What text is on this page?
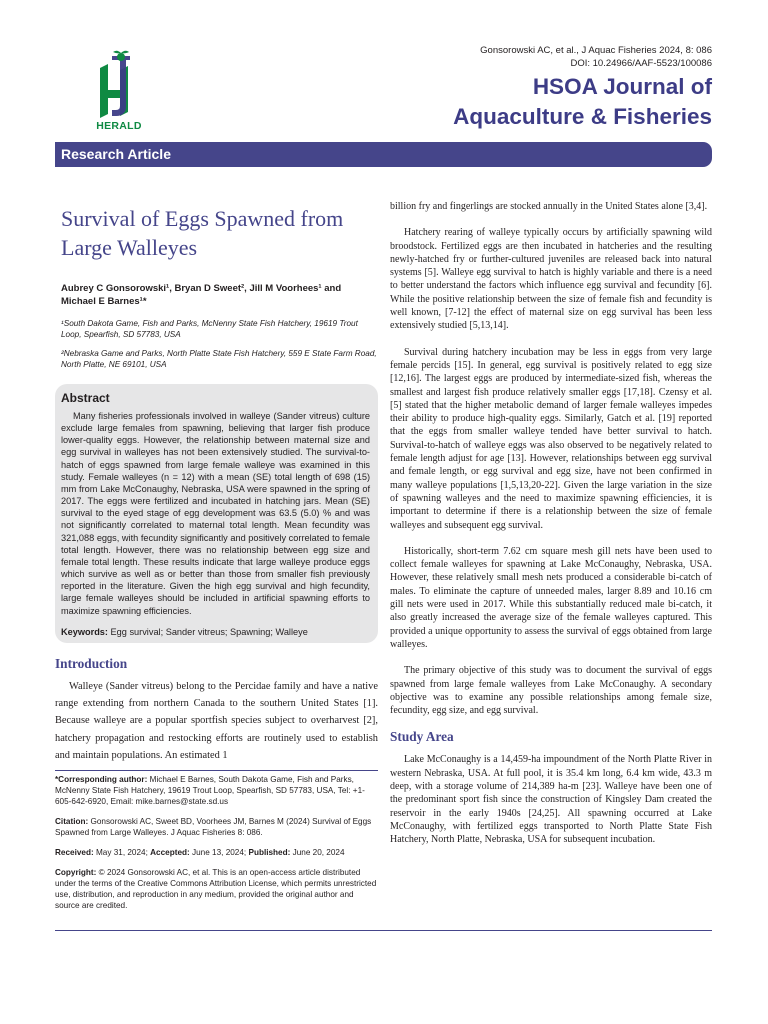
HERALD
Gonsorowski AC, et al., J Aquac Fisheries 2024, 8: 086
DOI: 10.24966/AAF-5523/100086
HSOA Journal of
Aquaculture & Fisheries
Research Article
Survival of Eggs Spawned from Large Walleyes
Aubrey C Gonsorowski¹, Bryan D Sweet², Jill M Voorhees¹ and Michael E Barnes¹*
¹South Dakota Game, Fish and Parks, McNenny State Fish Hatchery, 19619 Trout Loop, Spearfish, SD 57783, USA
²Nebraska Game and Parks, North Platte State Fish Hatchery, 559 E State Farm Road, North Platte, NE 69101, USA
Abstract

Many fisheries professionals involved in walleye (Sander vitreus) culture exclude large females from spawning, believing that larger fish produce lower-quality eggs. However, the relationship between maternal size and egg survival in walleyes has not been extensively studied. The survival-to-hatch of eggs spawned from large female walleye was examined in this study. Female walleyes (n = 12) with a mean (SE) total length of 698 (15) mm from Lake McConaughy, Nebraska, USA were spawned in the spring of 2017. The eggs were fertilized and incubated in hatching jars. Mean (SE) survival to the eyed stage of egg development was 63.5 (5.0) % and was not significantly correlated to maternal total length. Mean fecundity was 321,088 eggs, with fecundity significantly and positively correlated to female total length. However, there was no relationship between egg size and female total length. These results indicate that large walleye produce eggs which survive as well as or better than those from smaller fish previously reported in the literature. Given the high egg survival and high fecundity, large female walleyes should be included in artificial spawning efforts to maximize spawning efficiencies.

Keywords: Egg survival; Sander vitreus; Spawning; Walleye
Introduction

Walleye (Sander vitreus) belong to the Percidae family and have a native range extending from northern Canada to the southern United States [1]. Because walleye are a popular sportfish species subject to overharvest [2], hatchery propagation and restocking efforts are routinely used to establish and maintain populations. An estimated 1

*Corresponding author: Michael E Barnes, South Dakota Game, Fish and Parks, McNenny State Fish Hatchery, 19619 Trout Loop, Spearfish, SD 57783, USA, Tel: +1-605-642-6920, Email: mike.barnes@state.sd.us

Citation: Gonsorowski AC, Sweet BD, Voorhees JM, Barnes M (2024) Survival of Eggs Spawned from Large Walleyes. J Aquac Fisheries 8: 086.

Received: May 31, 2024; Accepted: June 13, 2024; Published: June 20, 2024

Copyright: © 2024 Gonsorowski AC, et al. This is an open-access article distributed under the terms of the Creative Commons Attribution License, which permits unrestricted use, distribution, and reproduction in any medium, provided the original author and source are credited.

billion fry and fingerlings are stocked annually in the United States alone [3,4].

Hatchery rearing of walleye typically occurs by artificially spawning wild broodstock. Fertilized eggs are then incubated in hatcheries and the resulting newly-hatched fry or further-cultured juveniles are released back into natural systems [5]. Walleye egg survival to hatch is highly variable and there is a need to better understand the factors which influence egg survival and fecundity [6]. While the positive relationship between the size of female fish and fecundity is well known, [7-12] the effect of maternal size on egg survival has been less extensively studied [5,13,14].

Survival during hatchery incubation may be less in eggs from very large female percids [15]. In general, egg survival is positively related to egg size [12,16]. The largest eggs are produced by intermediate-sized fish, whereas the smallest and largest fish produce relatively smaller eggs [17,18]. Czensy et al. [5] stated that the higher metabolic demand of larger female walleyes impedes their ability to produce high-quality eggs. Similarly, Gatch et al. [19] reported that the eggs from smaller walleye tended have better survival to hatch. Survival-to-hatch of walleye eggs was also observed to be negatively related to female length adjust for age [13]. However, relationships between egg survival and female length, or egg survival and egg size, have not been confirmed in many walleye populations [1,5,13,20-22]. Given the large variation in the size of spawning walleyes and the need to maximize spawning efficiencies, it is important to determine if there is a relationship between the size of female walleyes and subsequent egg survival.

Historically, short-term 7.62 cm square mesh gill nets have been used to collect female walleyes for spawning at Lake McConaughy, Nebraska, USA. However, these relatively small mesh nets produced a considerable bi-catch of males. To eliminate the capture of unneeded males, larger 8.89 and 10.16 cm gill nets were used in 2017. While this substantially reduced male bi-catch, it also greatly increased the average size of the female walleyes captured. This provided a unique opportunity to assess the survival of eggs obtained from large walleyes.

The primary objective of this study was to document the survival of eggs spawned from large female walleyes from Lake McConaughy. A secondary objective was to examine any possible relationships among female size, fecundity, egg size, and egg survival.

Study Area

Lake McConaughy is a 14,459-ha impoundment of the North Platte River in western Nebraska, USA. At full pool, it is 35.4 km long, 6.4 km wide, 43.3 m deep, with a storage volume of 214,389 ha-m [23]. Walleye have been one of the predominant sport fish since the construction of Kingsley Dam created the reservoir in the early 1940s [24,25]. All spawning occurred at Lake McConaughy, with fertilized eggs transported to North Platte State Fish Hatchery, North Platte, Nebraska, USA for subsequent incubation.
